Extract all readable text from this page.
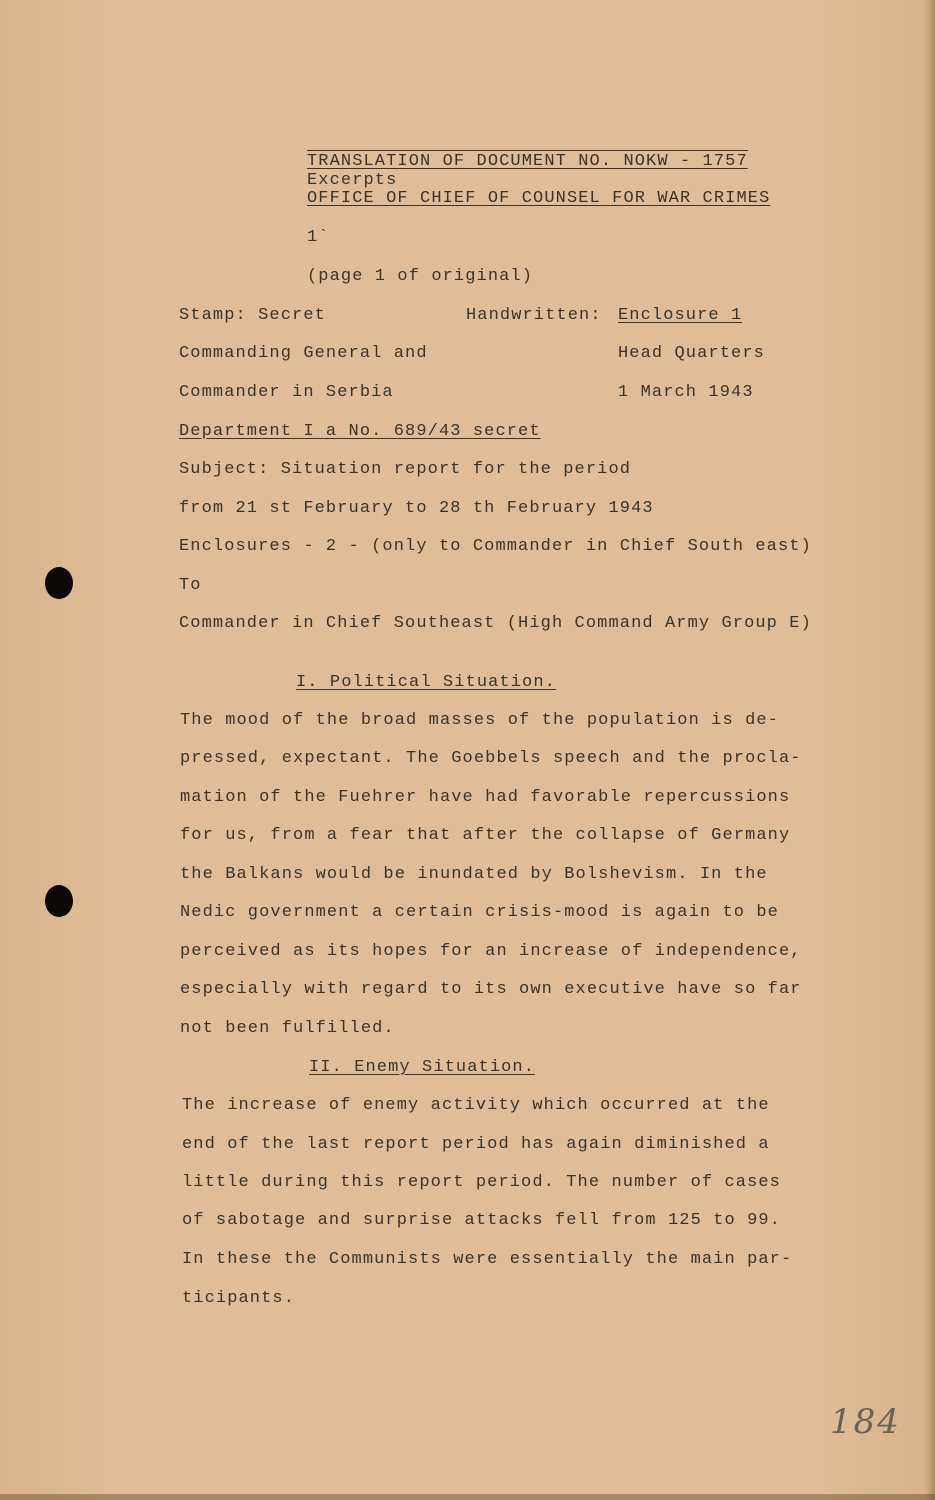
TRANSLATION OF DOCUMENT NO. NOKW - 1757
Excerpts
OFFICE OF CHIEF OF COUNSEL FOR WAR CRIMES
1`
(page 1 of original)
Stamp: Secret	Handwritten: Enclosure 1
Commanding General and	Head Quarters
Commander in Serbia	1 March 1943
Department I a No. 689/43 secret
Subject: Situation report for the period
from 21 st February to 28 th February 1943
Enclosures - 2 - (only to Commander in Chief South east)
To
Commander in Chief Southeast (High Command Army Group E)
I. Political Situation.
The mood of the broad masses of the population is de-
pressed, expectant. The Goebbels speech and the procla-
mation of the Fuehrer have had favorable repercussions
for us, from a fear that after the collapse of Germany
the Balkans would be inundated by Bolshevism. In the
Nedic government a certain crisis-mood is again to be
perceived as its hopes for an increase of independence,
especially with regard to its own executive have so far
not been fulfilled.
II. Enemy Situation.
The increase of enemy activity which occurred at the
end of the last report period has again diminished a
little during this report period. The number of cases
of sabotage and surprise attacks fell from 125 to 99.
In these the Communists were essentially the main par-
ticipants.
184
